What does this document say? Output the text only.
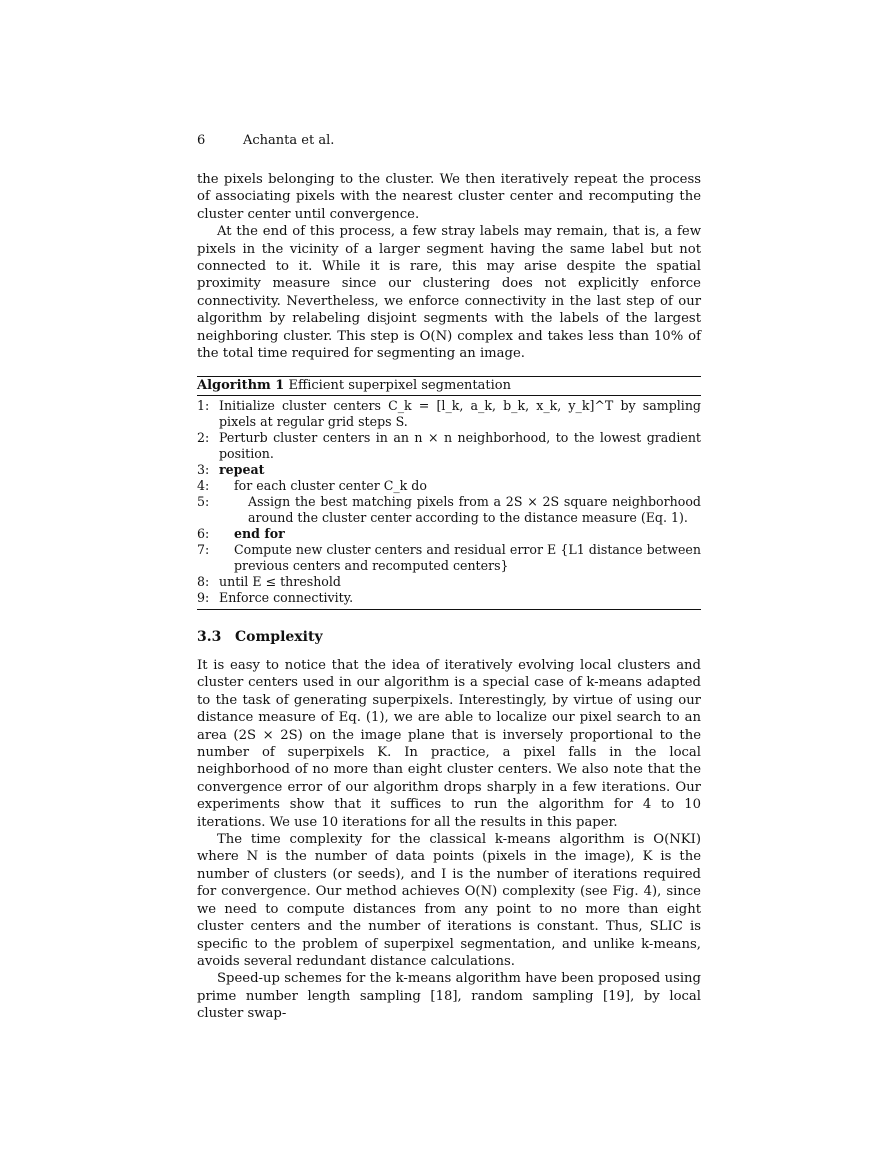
6	Achanta et al.

the pixels belonging to the cluster. We then iteratively repeat the process of associating pixels with the nearest cluster center and recomputing the cluster center until convergence.

At the end of this process, a few stray labels may remain, that is, a few pixels in the vicinity of a larger segment having the same label but not connected to it. While it is rare, this may arise despite the spatial proximity measure since our clustering does not explicitly enforce connectivity. Nevertheless, we enforce connectivity in the last step of our algorithm by relabeling disjoint segments with the labels of the largest neighboring cluster. This step is O(N) complex and takes less than 10% of the total time required for segmenting an image.

Algorithm 1 Efficient superpixel segmentation
1: Initialize cluster centers C_k = [l_k, a_k, b_k, x_k, y_k]^T by sampling pixels at regular grid steps S.
2: Perturb cluster centers in an n × n neighborhood, to the lowest gradient position.
3: repeat
4:	for each cluster center C_k do
5:	Assign the best matching pixels from a 2S × 2S square neighborhood around the cluster center according to the distance measure (Eq. 1).
6:	end for
7:	Compute new cluster centers and residual error E {L1 distance between previous centers and recomputed centers}
8: until E ≤ threshold
9: Enforce connectivity.
3.3 Complexity

It is easy to notice that the idea of iteratively evolving local clusters and cluster centers used in our algorithm is a special case of k-means adapted to the task of generating superpixels. Interestingly, by virtue of using our distance measure of Eq. (1), we are able to localize our pixel search to an area (2S × 2S) on the image plane that is inversely proportional to the number of superpixels K. In practice, a pixel falls in the local neighborhood of no more than eight cluster centers. We also note that the convergence error of our algorithm drops sharply in a few iterations. Our experiments show that it suffices to run the algorithm for 4 to 10 iterations. We use 10 iterations for all the results in this paper.

The time complexity for the classical k-means algorithm is O(NKI) where N is the number of data points (pixels in the image), K is the number of clusters (or seeds), and I is the number of iterations required for convergence. Our method achieves O(N) complexity (see Fig. 4), since we need to compute distances from any point to no more than eight cluster centers and the number of iterations is constant. Thus, SLIC is specific to the problem of superpixel segmentation, and unlike k-means, avoids several redundant distance calculations.

Speed-up schemes for the k-means algorithm have been proposed using prime number length sampling [18], random sampling [19], by local cluster swap-
